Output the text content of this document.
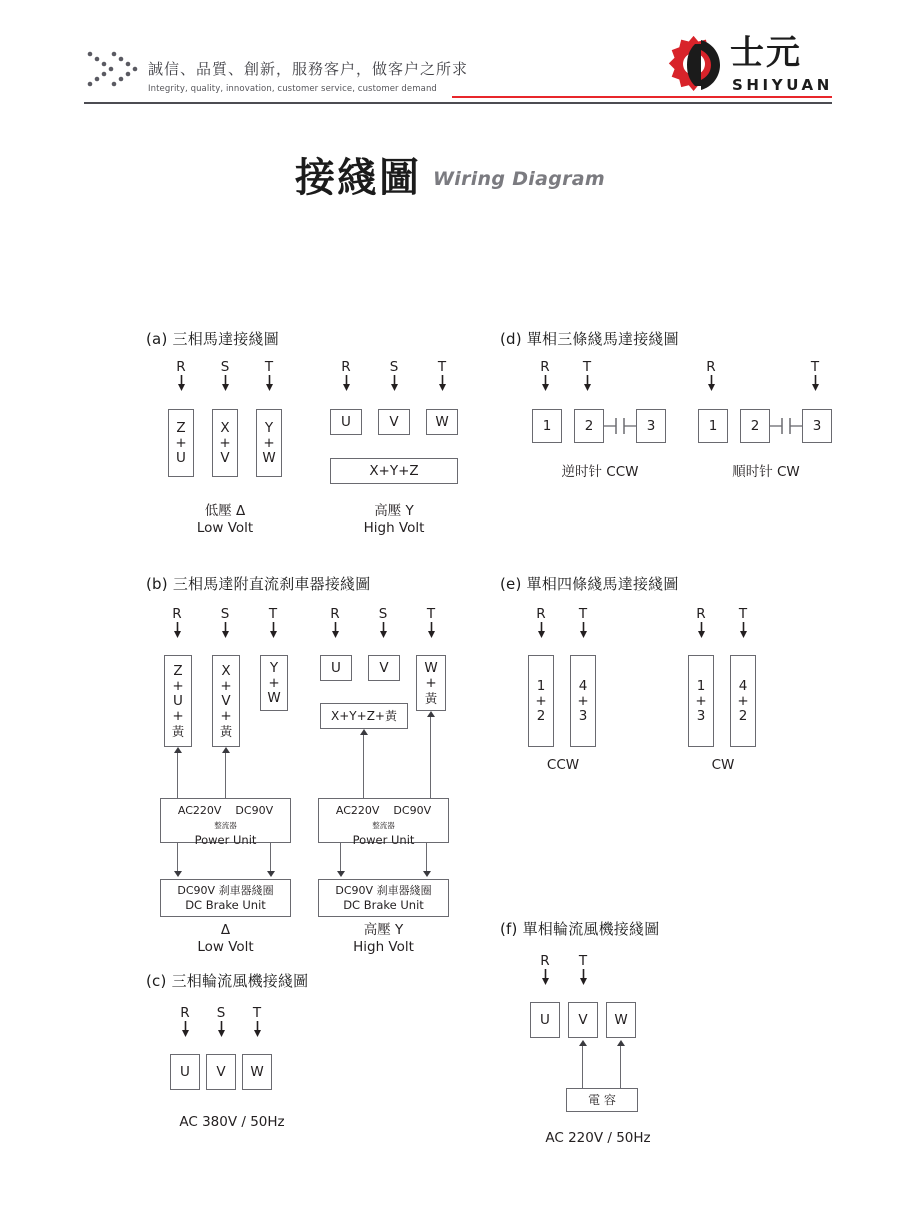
誠信、品質、創新，服務客户，做客户之所求
Integrity, quality, innovation, customer service, customer demand
士元
SHIYUAN
接綫圖 Wiring Diagram
(a) 三相馬達接綫圖
R	S	T
Z
+
U
X
+
V
Y
+
W
低壓 Δ
Low Volt
R	S	T
U	V	W
X+Y+Z
高壓 Y
High Volt
(d) 單相三條綫馬達接綫圖
R	T
1	2	3
逆时针 CCW
R	T
1	2	3
順时针 CW
(b) 三相馬達附直流刹車器接綫圖
R	S	T
Z
+
U
+
黃
X
+
V
+
黃
Y
+
W
AC220V DC90V
整流器
Power Unit
DC90V 刹車器綫圈
DC Brake Unit
Δ
Low Volt
R	S	T
U	V	W
+
黃
X+Y+Z+黃
AC220V DC90V
整流器
Power Unit
DC90V 刹車器綫圈
DC Brake Unit
高壓 Y
High Volt
(e) 單相四條綫馬達接綫圖
R	T
1
+
2
4
+
3
CCW
R	T
1
+
3
4
+
2
CW
(f) 單相輪流風機接綫圖
R	T
U	V	W
電 容
AC 220V / 50Hz
(c) 三相輪流風機接綫圖
R	S	T
U	V	W
AC 380V / 50Hz
